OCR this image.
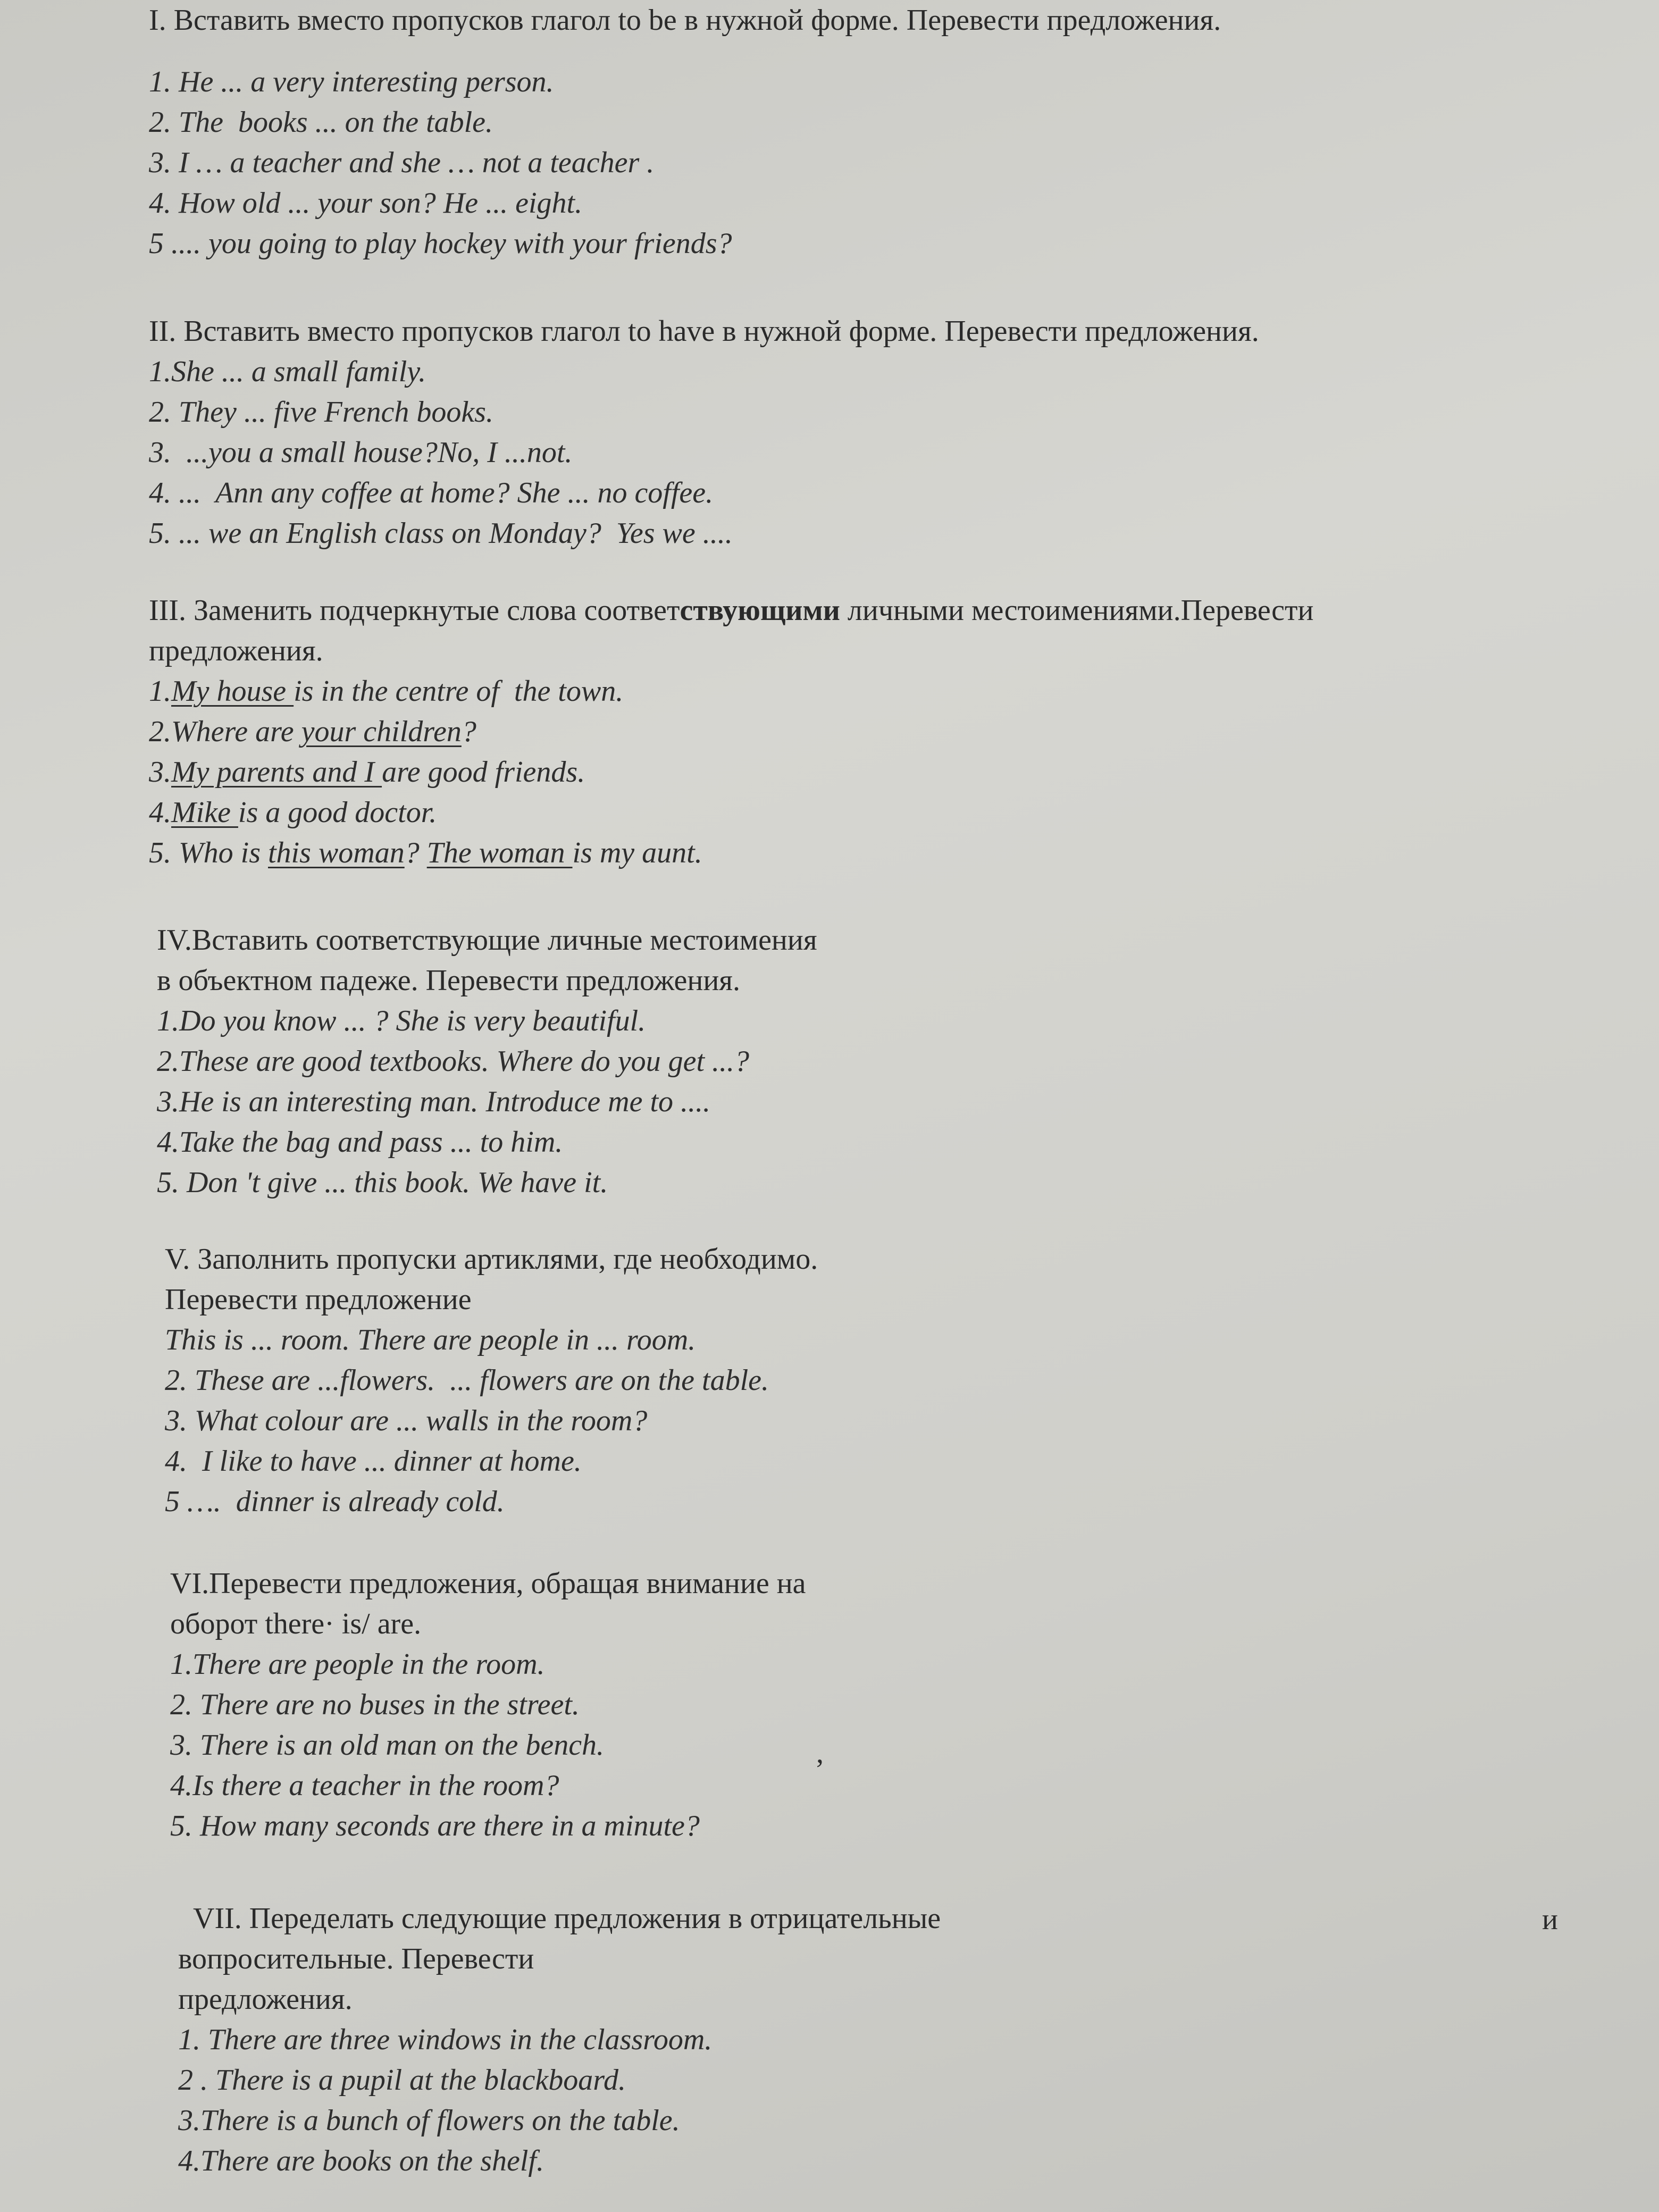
I. Вставить вместо пропусков глагол to be в нужной форме. Перевести предложения.
1. He ... a very interesting person.
2. The  books ... on the table.
3. I … a teacher and she … not a teacher .
4. How old ... your son? He ... eight.
5 .... you going to play hockey with your friends?
II. Вставить вместо пропусков глагол to have в нужной форме. Перевести предложения.
1.She ... a small family.
2. They ... five French books.
3.  ...you a small house?No, I ...not.
4. ...  Ann any coffee at home? She ... no coffee.
5. ... we an English class on Monday?  Yes we ....
III. Заменить подчеркнутые слова соответствующими личными местоимениями.Перевести
предложения.
1.My house is in the centre of  the town.
2.Where are your children?
3.My parents and I are good friends.
4.Mike is a good doctor.
5. Who is this woman? The woman is my aunt.
IV.Вставить соответствующие личные местоимения
в объектном падеже. Перевести предложения.
1.Do you know ... ? She is very beautiful.
2.These are good textbooks. Where do you get ...?
3.He is an interesting man. Introduce me to ....
4.Take the bag and pass ... to him.
5. Don 't give ... this book. We have it.
V. Заполнить пропуски артиклями, где необходимо.
Перевести предложение
This is ... room. There are people in ... room.
2. These are ...flowers.  ... flowers are on the table.
3. What colour are ... walls in the room?
4.  I like to have ... dinner at home.
5 ….  dinner is already cold.
VI.Перевести предложения, обращая внимание на
оборот there· is/ are.
1.There are people in the room.
2. There are no buses in the street.
3. There is an old man on the bench.
4.Is there a teacher in the room?
5. How many seconds are there in a minute?
,
VII. Переделать следующие предложения в отрицательные
вопросительные. Перевести
предложения.
1. There are three windows in the classroom.
2 . There is a pupil at the blackboard.
3.There is a bunch of flowers on the table.
4.There are books on the shelf.
и
